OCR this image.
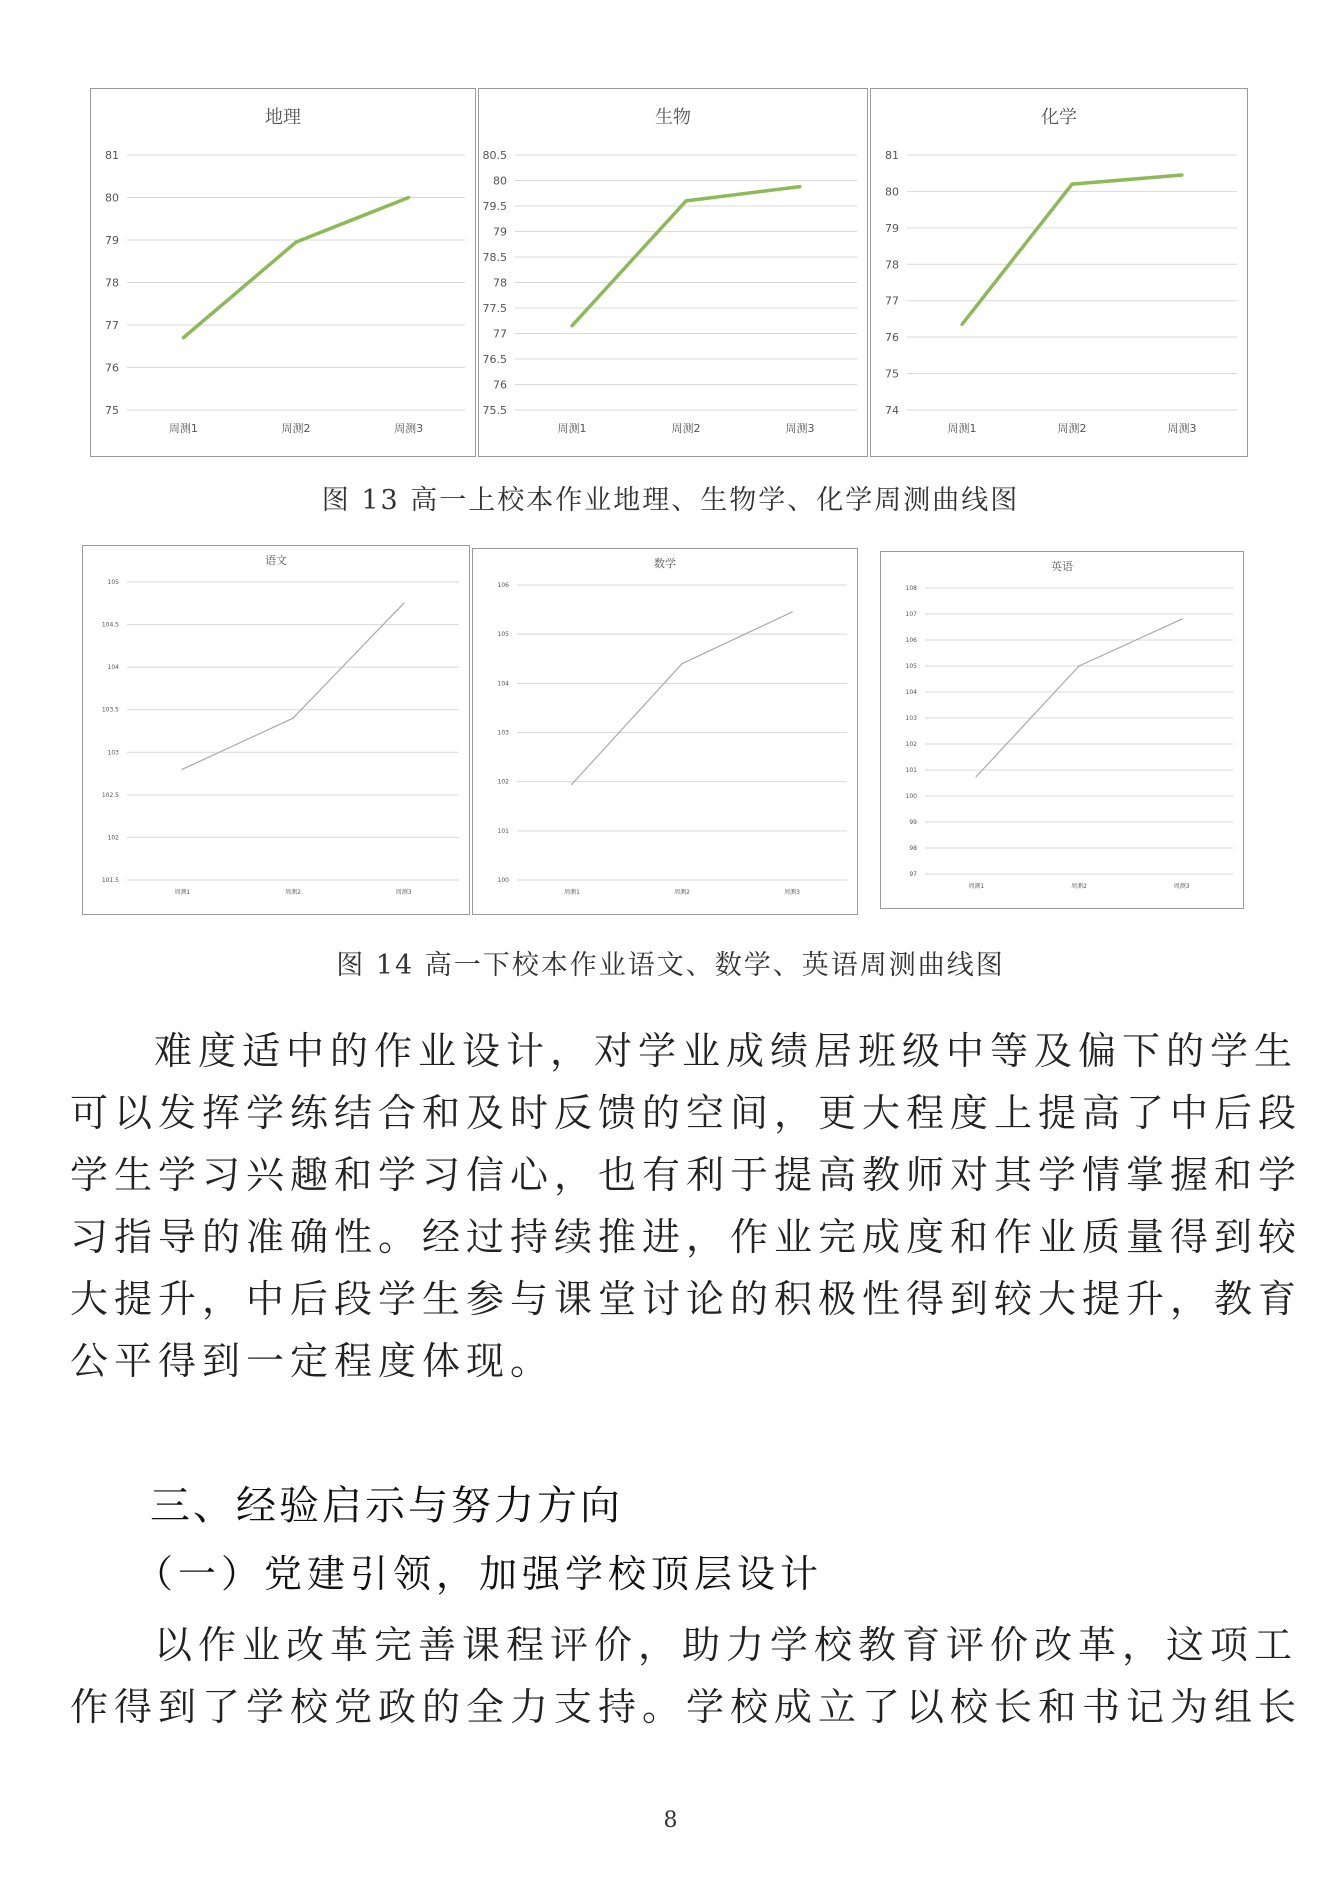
地理
75
76
77
78
79
80
81
周测1	周测2	周测3
生物
75.5
76
76.5
77
77.5
78
78.5
79
79.5
80
80.5
周测1	周测2	周测3
化学
74
75
76
77
78
79
80
81
周测1	周测2	周测3
图 13 高一上校本作业地理、生物学、化学周测曲线图
语文
101.5
102
102.5
103
103.5
104
104.5
105
周测1	周测2	周测3
数学
100
101
102
103
104
105
106
周测1	周测2	周测3
英语
97
98
99
100
101
102
103
104
105
106
107
108
周测1	周测2	周测3
图 14 高一下校本作业语文、数学、英语周测曲线图
难度适中的作业设计，对学业成绩居班级中等及偏下的学生
可以发挥学练结合和及时反馈的空间，更大程度上提高了中后段
学生学习兴趣和学习信心，也有利于提高教师对其学情掌握和学
习指导的准确性。经过持续推进，作业完成度和作业质量得到较
大提升，中后段学生参与课堂讨论的积极性得到较大提升，教育
公平得到一定程度体现。
三、经验启示与努力方向
（一）党建引领，加强学校顶层设计
以作业改革完善课程评价，助力学校教育评价改革，这项工
作得到了学校党政的全力支持。学校成立了以校长和书记为组长
8
